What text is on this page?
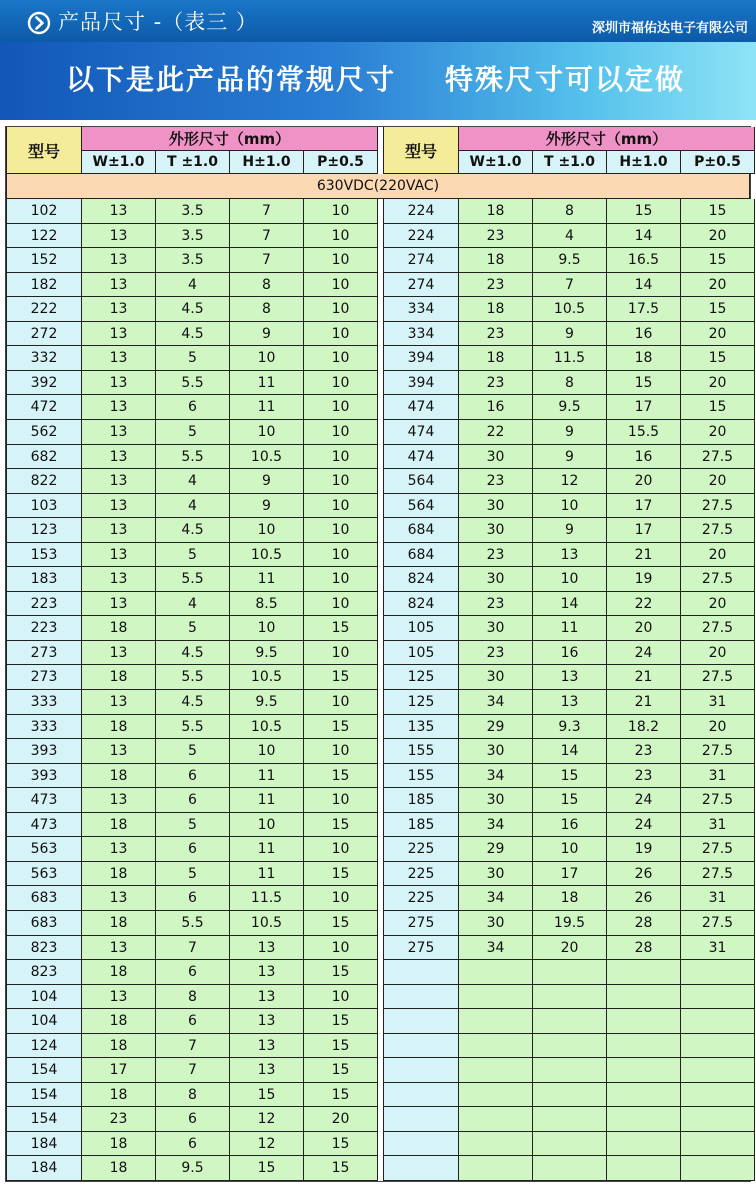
产品尺寸 -（表三 ）	深圳市福佑达电子有限公司
以下是此产品的常规尺寸 特殊尺寸可以定做
型号
外形尺寸（mm）
W±1.0	T ±1.0	H±1.0	P±0.5
型号
外形尺寸（mm）
W±1.0	T ±1.0	H±1.0	P±0.5
630VDC(220VAC)
102	13	3.5	7	10
122	13	3.5	7	10
152	13	3.5	7	10
182	13	4	8	10
222	13	4.5	8	10
272	13	4.5	9	10
332	13	5	10	10
392	13	5.5	11	10
472	13	6	11	10
562	13	5	10	10
682	13	5.5	10.5	10
822	13	4	9	10
103	13	4	9	10
123	13	4.5	10	10
153	13	5	10.5	10
183	13	5.5	11	10
223	13	4	8.5	10
223	18	5	10	15
273	13	4.5	9.5	10
273	18	5.5	10.5	15
333	13	4.5	9.5	10
333	18	5.5	10.5	15
393	13	5	10	10
393	18	6	11	15
473	13	6	11	10
473	18	5	10	15
563	13	6	11	10
563	18	5	11	15
683	13	6	11.5	10
683	18	5.5	10.5	15
823	13	7	13	10
823	18	6	13	15
104	13	8	13	10
104	18	6	13	15
124	18	7	13	15
154	17	7	13	15
154	18	8	15	15
154	23	6	12	20
184	18	6	12	15
184	18	9.5	15	15
224	18	8	15	15
224	23	4	14	20
274	18	9.5	16.5	15
274	23	7	14	20
334	18	10.5	17.5	15
334	23	9	16	20
394	18	11.5	18	15
394	23	8	15	20
474	16	9.5	17	15
474	22	9	15.5	20
474	30	9	16	27.5
564	23	12	20	20
564	30	10	17	27.5
684	30	9	17	27.5
684	23	13	21	20
824	30	10	19	27.5
824	23	14	22	20
105	30	11	20	27.5
105	23	16	24	20
125	30	13	21	27.5
125	34	13	21	31
135	29	9.3	18.2	20
155	30	14	23	27.5
155	34	15	23	31
185	30	15	24	27.5
185	34	16	24	31
225	29	10	19	27.5
225	30	17	26	27.5
225	34	18	26	31
275	30	19.5	28	27.5
275	34	20	28	31
